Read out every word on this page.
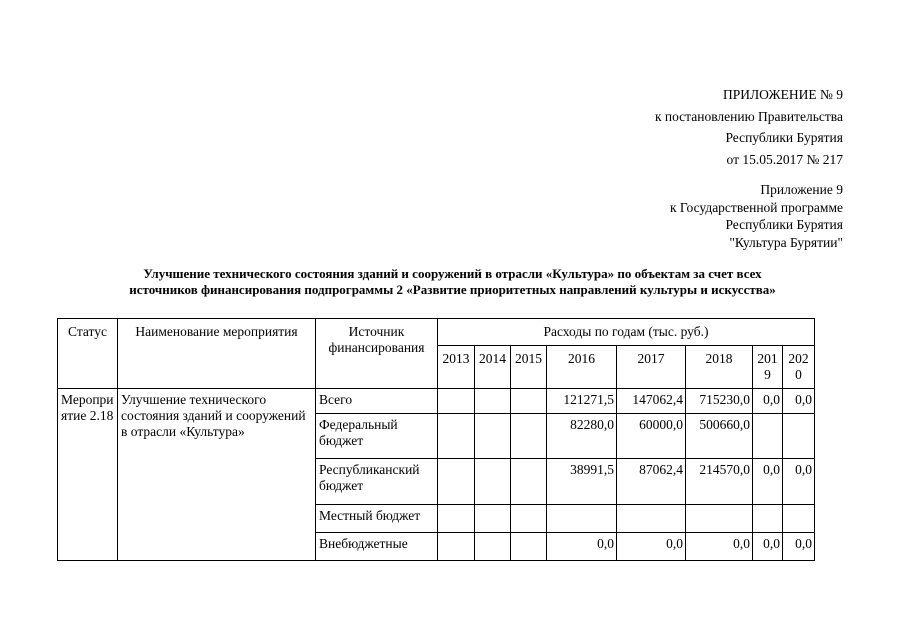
ПРИЛОЖЕНИЕ № 9
к постановлению Правительства
Республики Бурятия
от 15.05.2017 № 217
Приложение 9
к Государственной программе
Республики Бурятия
"Культура Бурятии"
Улучшение технического состояния зданий и сооружений в отрасли «Культура» по объектам за счет всех
источников финансирования подпрограммы 2 «Развитие приоритетных направлений культуры и искусства»
Статус	Наименование мероприятия	Источник финансирования	Расходы по годам (тыс. руб.)							
			2013	2014	2015	2016	2017	2018	2019	2020
Мероприятие 2.18	Улучшение технического состояния зданий и сооружений в отрасли «Культура»	Всего				121271,5	147062,4	715230,0	0,0	0,0
		Федеральный бюджет				82280,0	60000,0	500660,0		
		Республиканский бюджет				38991,5	87062,4	214570,0	0,0	0,0
		Местный бюджет								
		Внебюджетные				0,0	0,0	0,0	0,0	0,0
